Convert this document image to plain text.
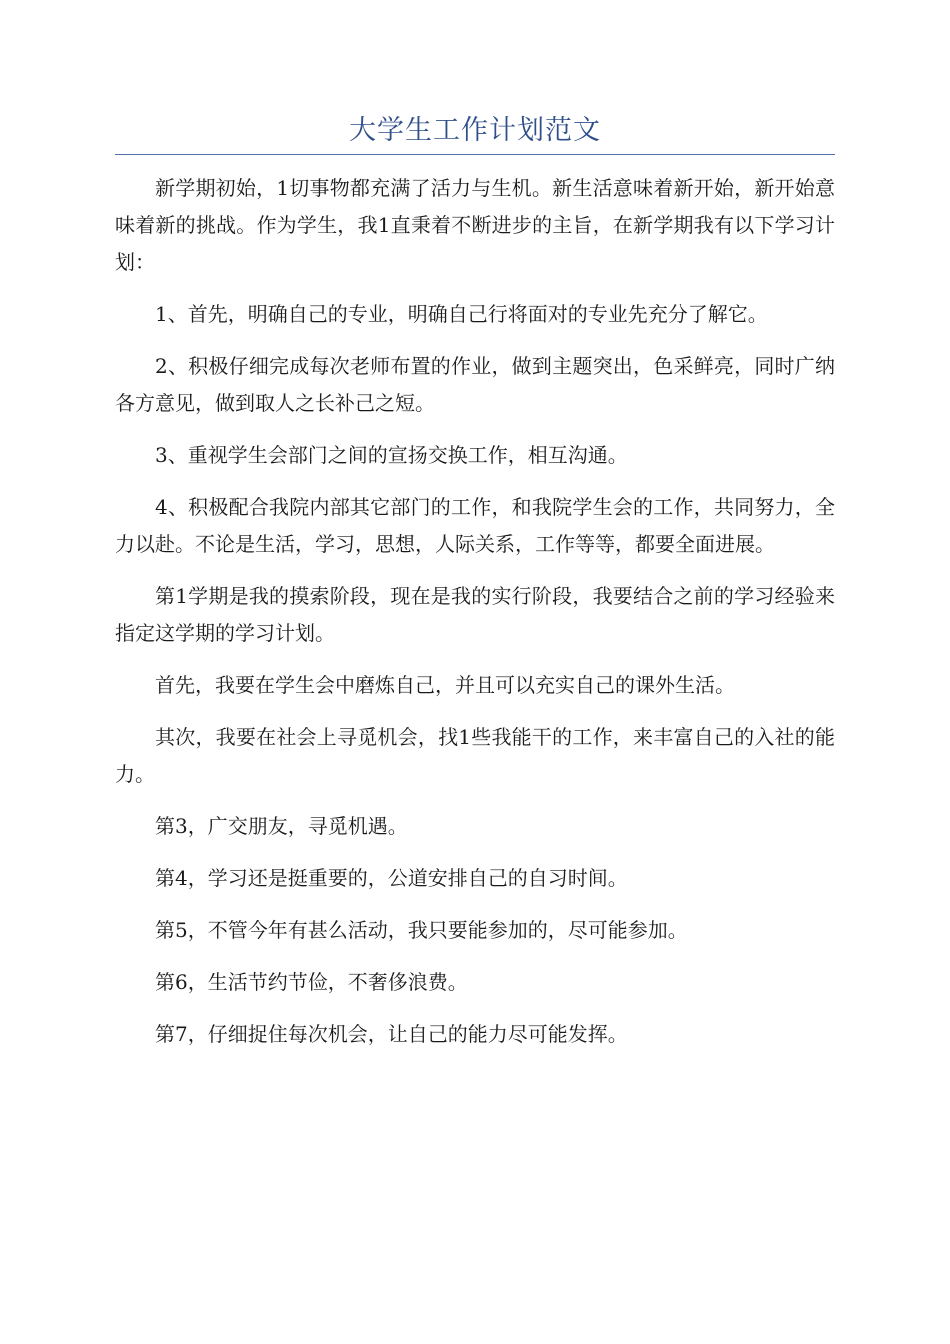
大学生工作计划范文

新学期初始，1切事物都充满了活力与生机。新生活意味着新开始，新开始意味着新的挑战。作为学生，我1直秉着不断进步的主旨，在新学期我有以下学习计划：

1、首先，明确自己的专业，明确自己行将面对的专业先充分了解它。

2、积极仔细完成每次老师布置的作业，做到主题突出，色采鲜亮，同时广纳各方意见，做到取人之长补己之短。

3、重视学生会部门之间的宣扬交换工作，相互沟通。

4、积极配合我院内部其它部门的工作，和我院学生会的工作，共同努力，全力以赴。不论是生活，学习，思想，人际关系，工作等等，都要全面进展。

第1学期是我的摸索阶段，现在是我的实行阶段，我要结合之前的学习经验来指定这学期的学习计划。

首先，我要在学生会中磨炼自己，并且可以充实自己的课外生活。

其次，我要在社会上寻觅机会，找1些我能干的工作，来丰富自己的入社的能力。

第3，广交朋友，寻觅机遇。

第4，学习还是挺重要的，公道安排自己的自习时间。

第5，不管今年有甚么活动，我只要能参加的，尽可能参加。

第6，生活节约节俭，不奢侈浪费。

第7，仔细捉住每次机会，让自己的能力尽可能发挥。
